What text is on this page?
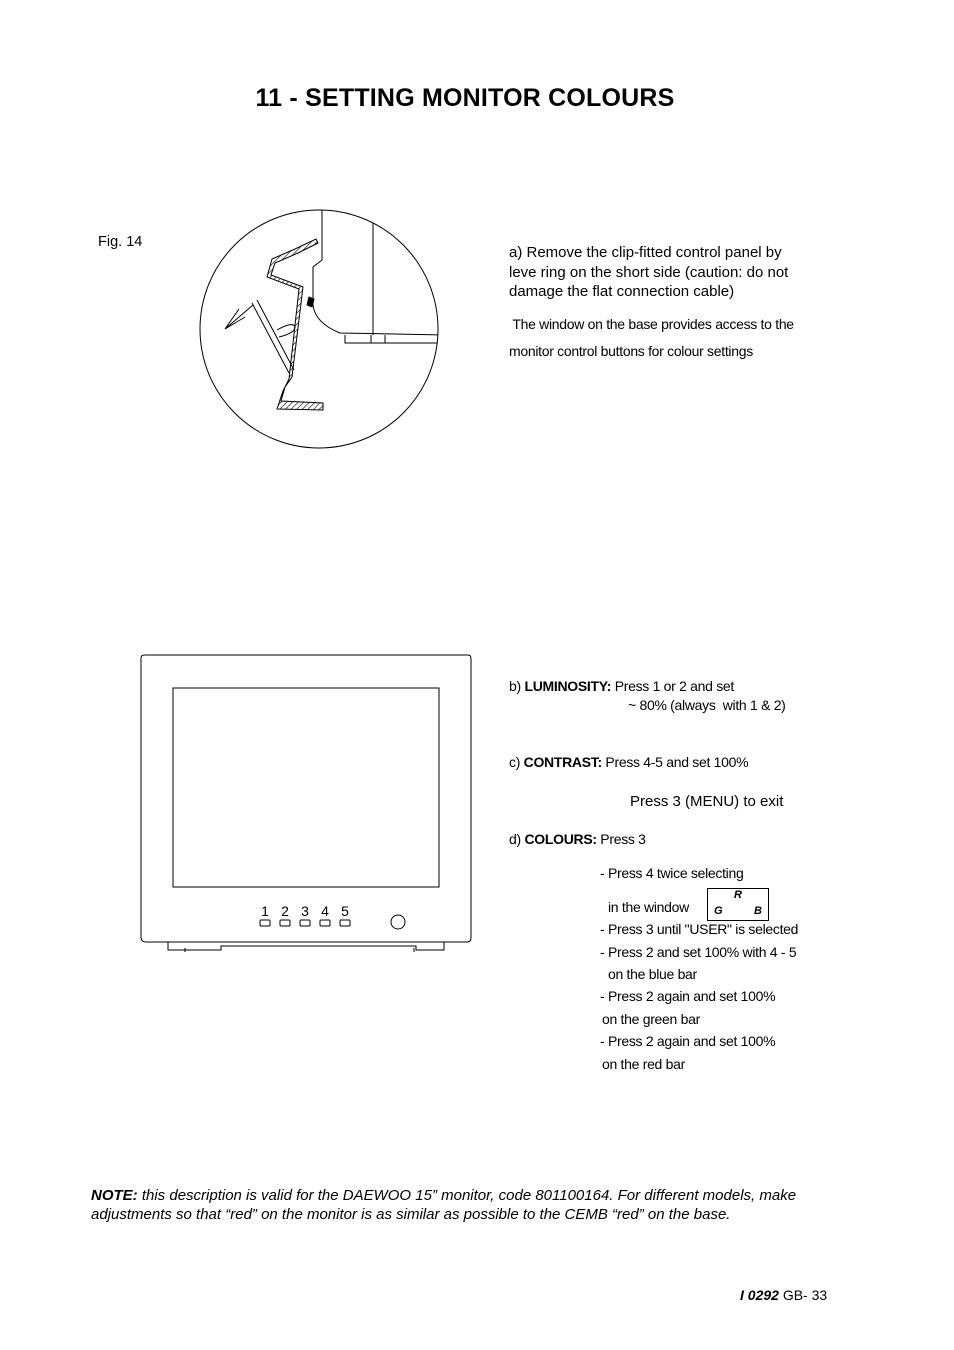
11 - SETTING MONITOR COLOURS
Fig. 14
a) Remove the clip-fitted control panel by
leve ring on the short side (caution: do not
damage the flat connection cable)
The window on the base provides access to the
monitor control buttons for colour settings
1 2 3 4 5
b) LUMINOSITY: Press 1 or 2 and set
~ 80% (always  with 1 & 2)
c) CONTRAST: Press 4-5 and set 100%
Press 3 (MENU) to exit
d) COLOURS: Press 3
- Press 4 twice selecting
in the window
R
G	B
- Press 3 until "USER" is selected
- Press 2 and set 100% with 4 - 5
on the blue bar
- Press 2 again and set 100%
on the green bar
- Press 2 again and set 100%
on the red bar
NOTE: this description is valid for the DAEWOO 15” monitor, code 801100164. For different models, make adjustments so that “red” on the monitor is as similar as possible to the CEMB “red” on the base.
I 0292 GB- 33
